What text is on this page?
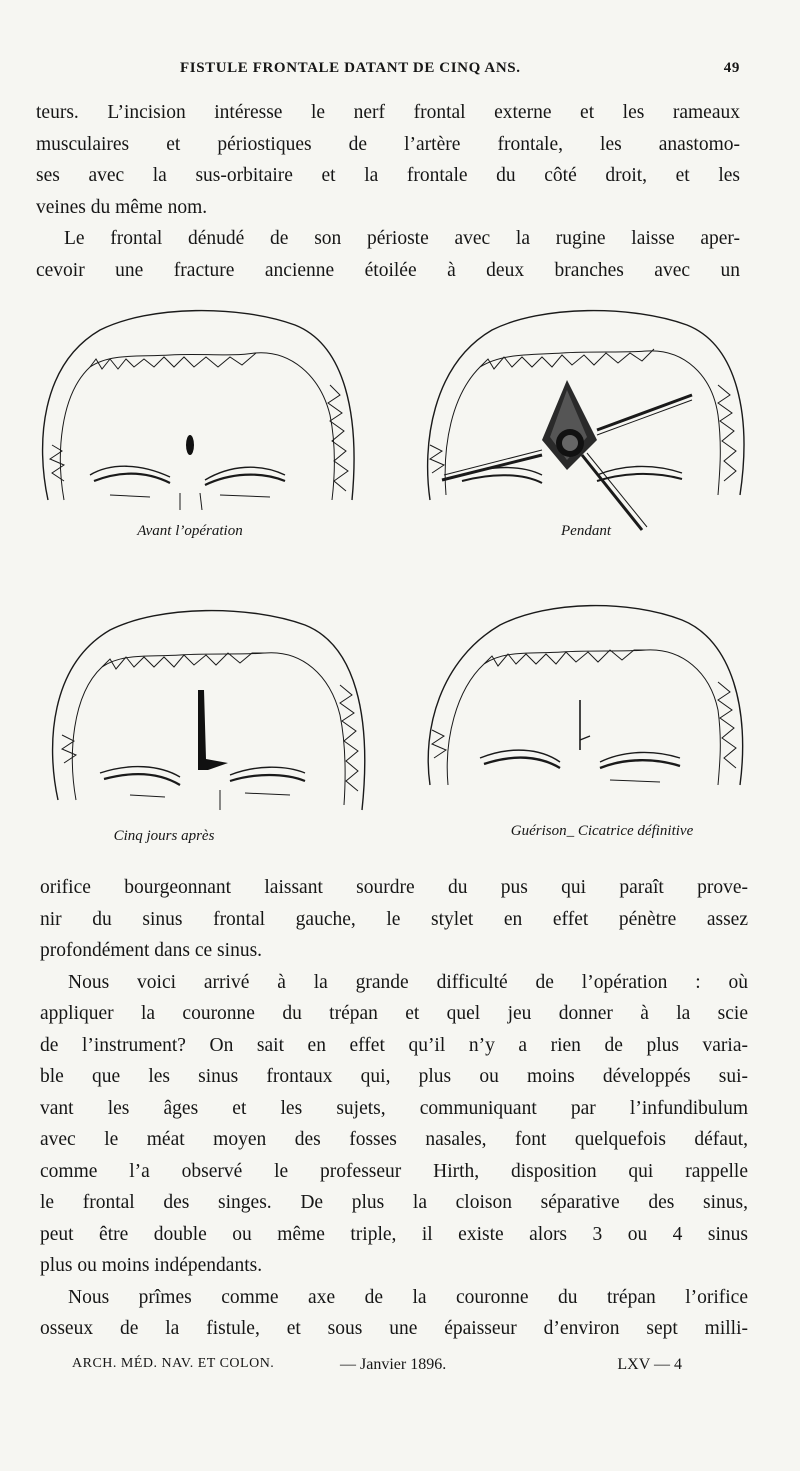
FISTULE FRONTALE DATANT DE CINQ ANS.	49
teurs. L’incision intéresse le nerf frontal externe et les rameaux
musculaires et périostiques de l’artère frontale, les anastomo-
ses avec la sus-orbitaire et la frontale du côté droit, et les
veines du même nom.
Le frontal dénudé de son périoste avec la rugine laisse aper-
cevoir une fracture ancienne étoilée à deux branches avec un
Avant l’opération	Pendant
Cinq jours après	Guérison_ Cicatrice définitive
orifice bourgeonnant laissant sourdre du pus qui paraît prove-
nir du sinus frontal gauche, le stylet en effet pénètre assez
profondément dans ce sinus.
Nous voici arrivé à la grande difficulté de l’opération : où
appliquer la couronne du trépan et quel jeu donner à la scie
de l’instrument? On sait en effet qu’il n’y a rien de plus varia-
ble que les sinus frontaux qui, plus ou moins développés sui-
vant les âges et les sujets, communiquant par l’infundibulum
avec le méat moyen des fosses nasales, font quelquefois défaut,
comme l’a observé le professeur Hirth, disposition qui rappelle
le frontal des singes. De plus la cloison séparative des sinus,
peut être double ou même triple, il existe alors 3 ou 4 sinus
plus ou moins indépendants.
Nous prîmes comme axe de la couronne du trépan l’orifice
osseux de la fistule, et sous une épaisseur d’environ sept milli-
ARCH. MÉD. NAV. ET COLON.	— Janvier 1896.	LXV — 4
